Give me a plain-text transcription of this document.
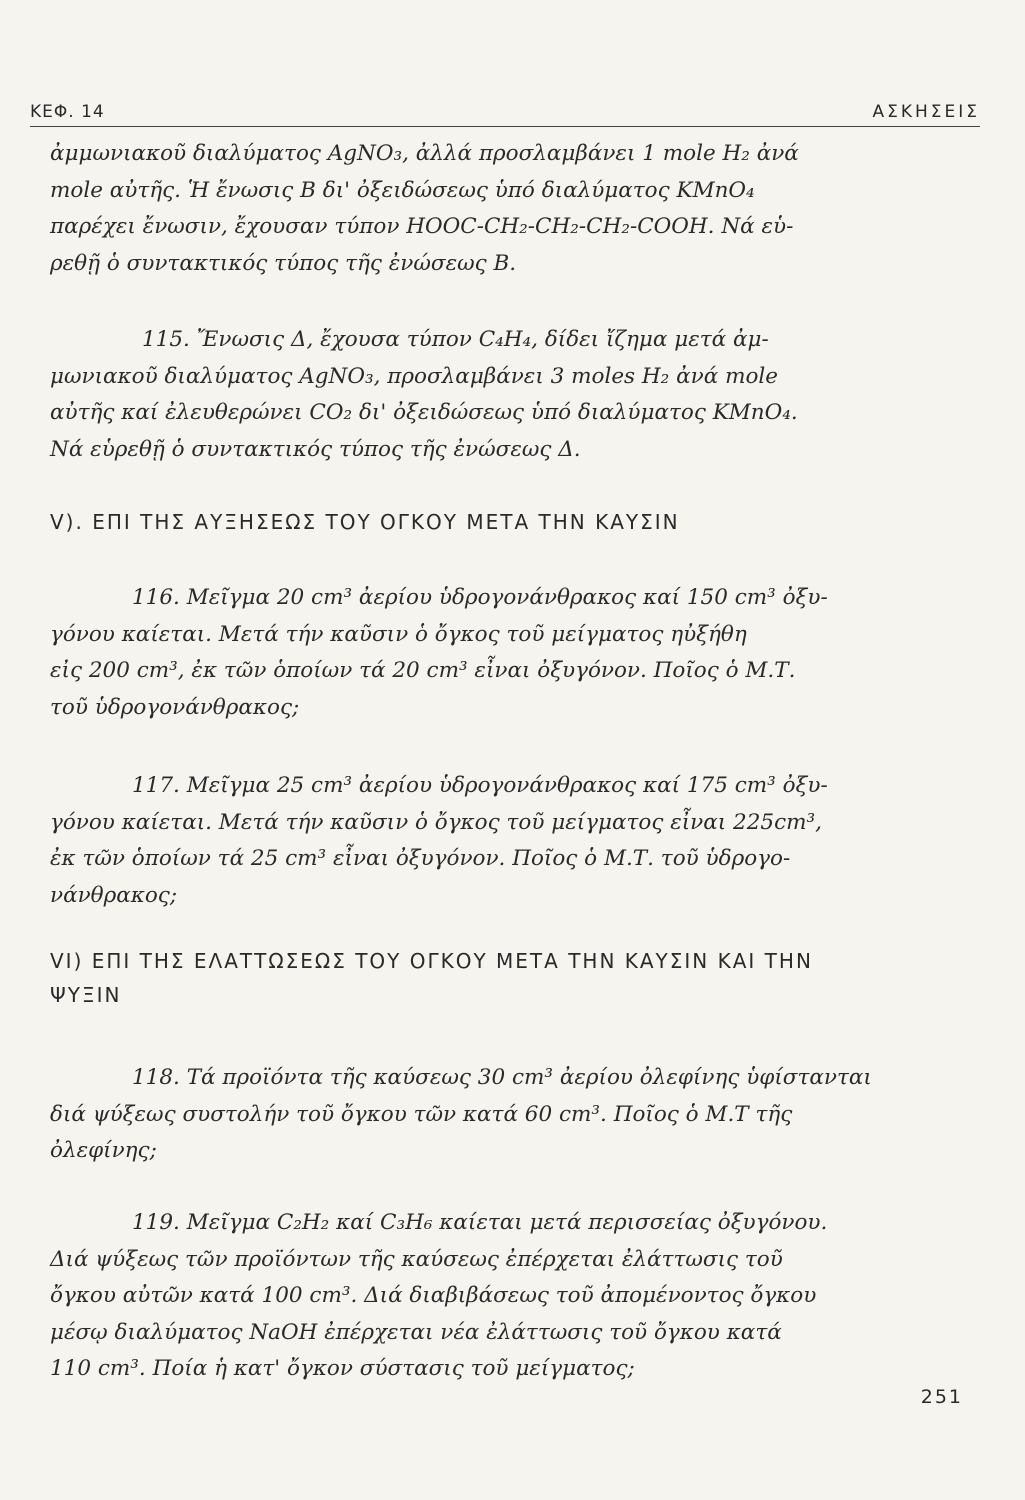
ΚΕΦ. 14	ΑΣΚΗΣΕΙΣ
ἀμμωνιακοῦ διαλύματος AgNO₃, ἀλλά προσλαμβάνει 1 mole H₂ ἀνά
mole αὐτῆς. Ἡ ἔνωσις Β δι' ὀξειδώσεως ὑπό διαλύματος KMnO₄
παρέχει ἔνωσιν, ἔχουσαν τύπον HOOC-CH₂-CH₂-CH₂-COOH. Νά εὑ-
ρεθῇ ὁ συντακτικός τύπος τῆς ἐνώσεως Β.
115. Ἔνωσις Δ, ἔχουσα τύπον C₄H₄, δίδει ἴζημα μετά ἀμ-
μωνιακοῦ διαλύματος AgNO₃, προσλαμβάνει 3 moles H₂ ἀνά mole
αὐτῆς καί ἐλευθερώνει CO₂ δι' ὀξειδώσεως ὑπό διαλύματος KMnO₄.
Νά εὑρεθῇ ὁ συντακτικός τύπος τῆς ἐνώσεως Δ.
V). ΕΠΙ ΤΗΣ ΑΥΞΗΣΕΩΣ ΤΟΥ ΟΓΚΟΥ ΜΕΤΑ ΤΗΝ ΚΑΥΣΙΝ
116. Μεῖγμα 20 cm³ ἀερίου ὑδρογονάνθρακος καί 150 cm³ ὀξυ-
γόνου καίεται. Μετά τήν καῦσιν ὁ ὄγκος τοῦ μείγματος ηὐξήθη
εἰς 200 cm³, ἐκ τῶν ὁποίων τά 20 cm³ εἶναι ὀξυγόνον. Ποῖος ὁ Μ.Τ.
τοῦ ὑδρογονάνθρακος;
117. Μεῖγμα 25 cm³ ἀερίου ὑδρογονάνθρακος καί 175 cm³ ὀξυ-
γόνου καίεται. Μετά τήν καῦσιν ὁ ὄγκος τοῦ μείγματος εἶναι 225cm³,
ἐκ τῶν ὁποίων τά 25 cm³ εἶναι ὀξυγόνον. Ποῖος ὁ Μ.Τ. τοῦ ὑδρογο-
νάνθρακος;
VI) ΕΠΙ ΤΗΣ ΕΛΑΤΤΩΣΕΩΣ ΤΟΥ ΟΓΚΟΥ ΜΕΤΑ ΤΗΝ ΚΑΥΣΙΝ ΚΑΙ ΤΗΝ
ΨΥΞΙΝ
118. Τά προϊόντα τῆς καύσεως 30 cm³ ἀερίου ὀλεφίνης ὑφίστανται
διά ψύξεως συστολήν τοῦ ὄγκου τῶν κατά 60 cm³. Ποῖος ὁ Μ.Τ τῆς
ὀλεφίνης;
119. Μεῖγμα C₂H₂ καί C₃H₆ καίεται μετά περισσείας ὀξυγόνου.
Διά ψύξεως τῶν προϊόντων τῆς καύσεως ἐπέρχεται ἐλάττωσις τοῦ
ὄγκου αὐτῶν κατά 100 cm³. Διά διαβιβάσεως τοῦ ἀπομένοντος ὄγκου
μέσῳ διαλύματος NaOH ἐπέρχεται νέα ἐλάττωσις τοῦ ὄγκου κατά
110 cm³. Ποία ἡ κατ' ὄγκον σύστασις τοῦ μείγματος;
251
